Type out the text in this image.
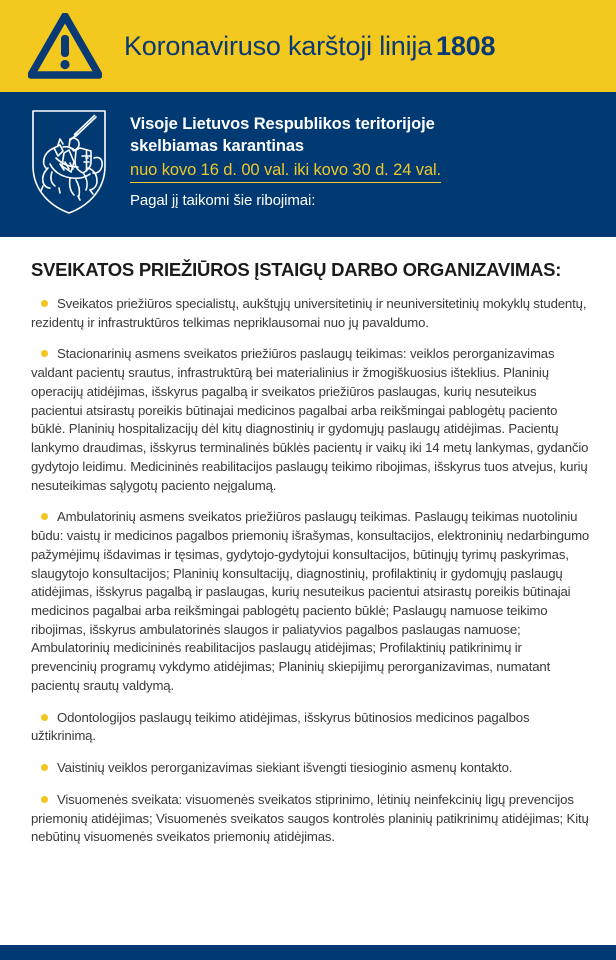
Koronaviruso karštoji linija 1808
Visoje Lietuvos Respublikos teritorijoje
skelbiamas karantinas
nuo kovo 16 d. 00 val. iki kovo 30 d. 24 val.
Pagal jį taikomi šie ribojimai:
SVEIKATOS PRIEŽIŪROS ĮSTAIGŲ DARBO ORGANIZAVIMAS:
Sveikatos priežiūros specialistų, aukštųjų universitetinių ir neuniversitetinių mokyklų studentų, rezidentų ir infrastruktūros telkimas nepriklausomai nuo jų pavaldumo.
Stacionarinių asmens sveikatos priežiūros paslaugų teikimas: veiklos perorganizavimas valdant pacientų srautus, infrastruktūrą bei materialinius ir žmogiškuosius išteklius. Planinių operacijų atidėjimas, išskyrus pagalbą ir sveikatos priežiūros paslaugas, kurių nesuteikus pacientui atsirastų poreikis būtinajai medicinos pagalbai arba reikšmingai pablogėtų paciento būklė. Planinių hospitalizacijų dėl kitų diagnostinių ir gydomųjų paslaugų atidėjimas. Pacientų lankymo draudimas, išskyrus terminalinės būklės pacientų ir vaikų iki 14 metų lankymas, gydančio gydytojo leidimu. Medicininės reabilitacijos paslaugų teikimo ribojimas, išskyrus tuos atvejus, kurių nesuteikimas sąlygotų paciento neįgalumą.
Ambulatorinių asmens sveikatos priežiūros paslaugų teikimas. Paslaugų teikimas nuotoliniu būdu: vaistų ir medicinos pagalbos priemonių išrašymas, konsultacijos, elektroninių nedarbingumo pažymėjimų išdavimas ir tęsimas, gydytojo-gydytojui konsultacijos, būtinųjų tyrimų paskyrimas, slaugytojo konsultacijos; Planinių konsultacijų, diagnostinių, profilaktinių ir gydomųjų paslaugų atidėjimas, išskyrus pagalbą ir paslaugas, kurių nesuteikus pacientui atsirastų poreikis būtinajai medicinos pagalbai arba reikšmingai pablogėtų paciento būklė; Paslaugų namuose teikimo ribojimas, išskyrus ambulatorinės slaugos ir paliatyvios pagalbos paslaugas namuose; Ambulatorinių medicininės reabilitacijos paslaugų atidėjimas; Profilaktinių patikrinimų ir prevencinių programų vykdymo atidėjimas; Planinių skiepijimų perorganizavimas, numatant pacientų srautų valdymą.
Odontologijos paslaugų teikimo atidėjimas, išskyrus būtinosios medicinos pagalbos užtikrinimą.
Vaistinių veiklos perorganizavimas siekiant išvengti tiesioginio asmenų kontakto.
Visuomenės sveikata: visuomenės sveikatos stiprinimo, lėtinių neinfekcinių ligų prevencijos priemonių atidėjimas; Visuomenės sveikatos saugos kontrolės planinių patikrinimų atidėjimas; Kitų nebūtinų visuomenės sveikatos priemonių atidėjimas.
